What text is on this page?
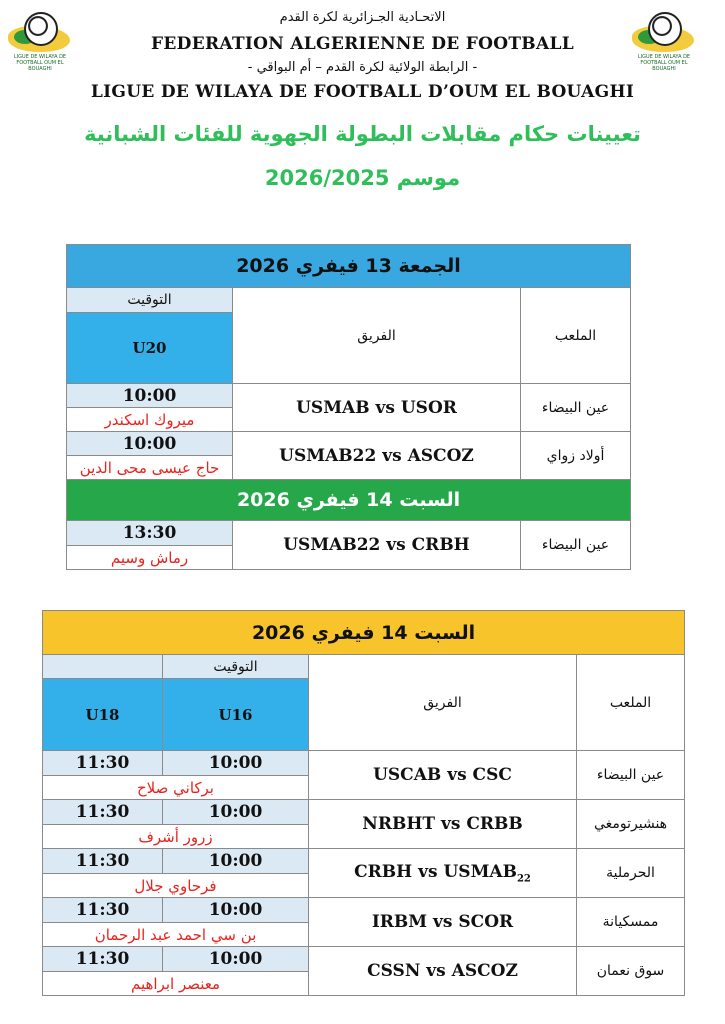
LIGUE DE WILAYA DE FOOTBALL OUM EL BOUAGHI
LIGUE DE WILAYA DE FOOTBALL OUM EL BOUAGHI
الاتحـادية الجـزائرية لكرة القدم
FEDERATION ALGERIENNE DE FOOTBALL
- الرابطة الولائية لكرة القدم – أم البواقي -
LIGUE DE WILAYA DE FOOTBALL D’OUM EL BOUAGHI
تعيينات حكام مقابلات البطولة الجهوية للفئات الشبانية
موسم 2026/2025
الجمعة 13 فيفري 2026		
التوقيت	الفريق	الملعب
U20		
10:00	USMAB vs USOR	عين البيضاء
ميروك اسكندر		
10:00	USMAB22 vs ASCOZ	أولاد زواي
حاج عيسى محى الدين		
السبت 14 فيفري 2026		
13:30	USMAB22 vs CRBH	عين البيضاء
رماش وسيم		
السبت 14 فيفري 2026			
	التوقيت	الفريق	الملعب
U18	U16		
11:30	10:00	USCAB vs CSC	عين البيضاء
بركاني صلاح			
11:30	10:00	NRBHT vs CRBB	هنشيرتومغي
زرور أشرف			
11:30	10:00	CRBH vs $USMAB_{22}$	الحرملية
فرحاوي جلال			
11:30	10:00	IRBM vs SCOR	ممسكيانة
بن سي احمد عبد الرحمان			
11:30	10:00	CSSN vs ASCOZ	سوق نعمان
معنصر ابراهيم			
